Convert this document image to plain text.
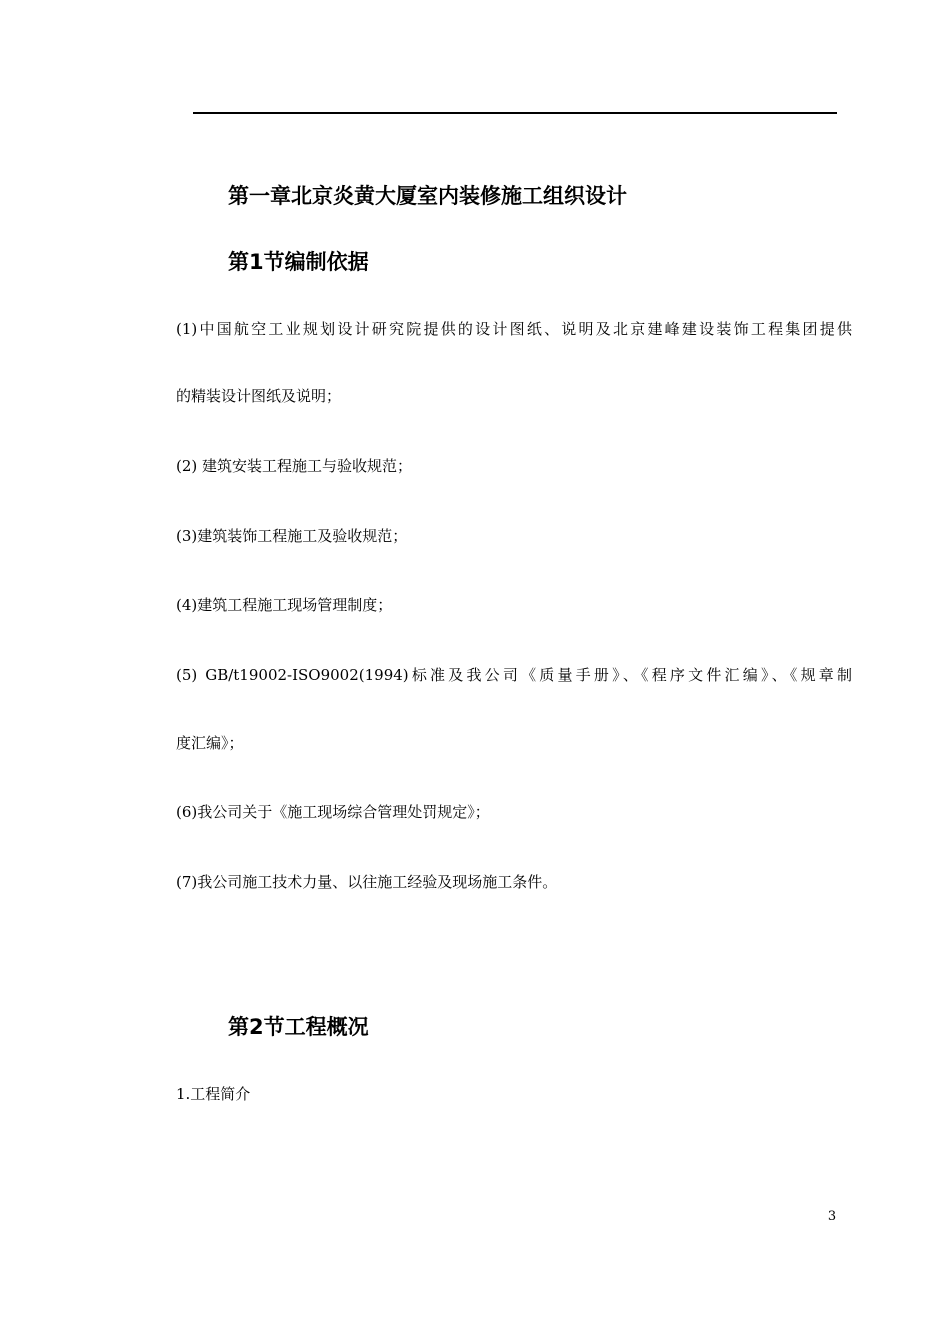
第一章北京炎黄大厦室内装修施工组织设计
第1节编制依据
(1)中国航空工业规划设计研究院提供的设计图纸、说明及北京建峰建设装饰工程集团提供
的精装设计图纸及说明；
(2) 建筑安装工程施工与验收规范；
(3)建筑装饰工程施工及验收规范；
(4)建筑工程施工现场管理制度；
(5) GB/t19002-ISO9002(1994)标准及我公司《质量手册》、《程序文件汇编》、《规章制
度汇编》；
(6)我公司关于《施工现场综合管理处罚规定》；
(7)我公司施工技术力量、以往施工经验及现场施工条件。
第2节工程概况
1.工程简介
3
